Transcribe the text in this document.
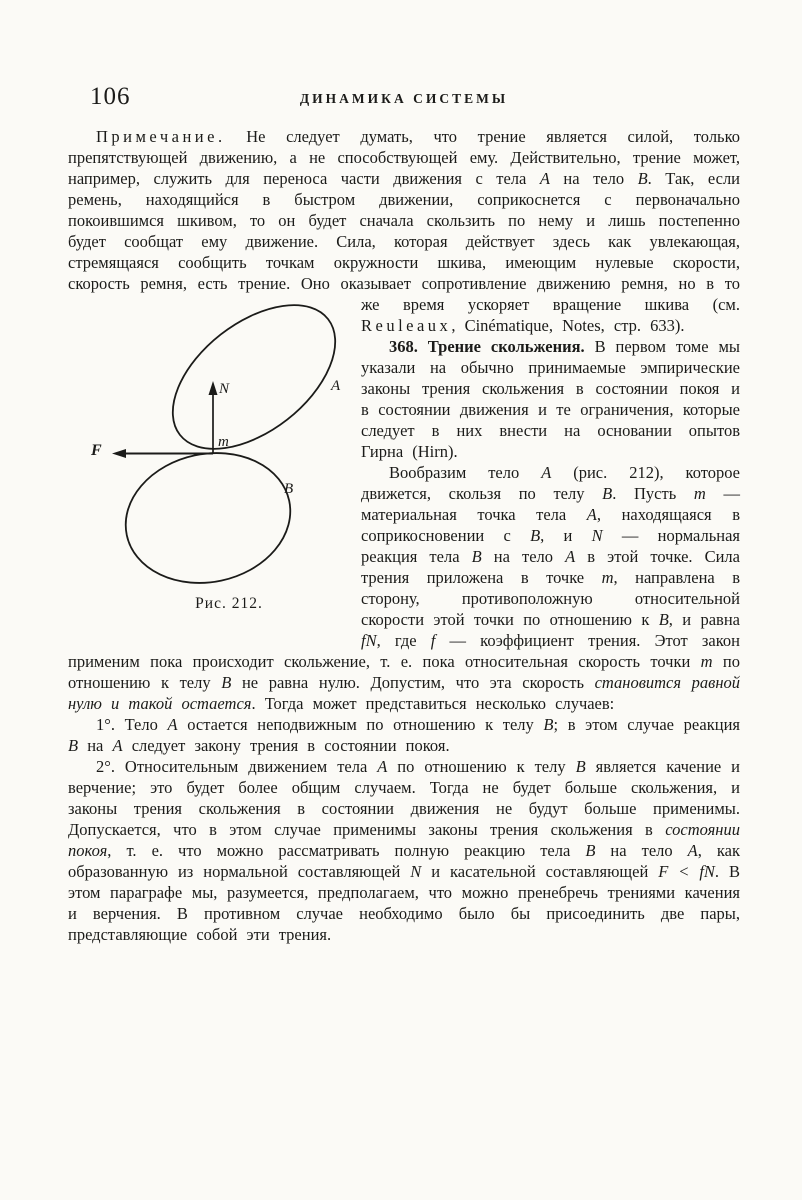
106	ДИНАМИКА СИСТЕМЫ

Примечание. Не следует думать, что трение является силой, только препятствующей движению, а не способствующей ему. Действительно, трение может, например, служить для переноса части движения с тела A на тело B. Так, если ремень, находящийся в быстром движении, соприкоснется с первоначально покоившимся шкивом, то он будет сначала скользить по нему и лишь постепенно будет сообщат ему движение. Сила, которая действует здесь как увлекающая, стремящаяся сообщить точкам окружности шкива, имеющим нулевые скорости, скорость ремня, есть трение. Оно оказывает сопротивление движению ремня, но в то же время ускоряет
N
F	m
A
B
Рис. 212.
вращение шкива (см. Reuleaux, Cinématique, Notes, стр. 633).

368. Трение скольжения. В первом томе мы указали на обычно принимаемые эмпирические законы трения скольжения в состоянии покоя и в состоянии движения и те ограничения, которые следует в них внести на основании опытов Гирна (Hirn).

Вообразим тело A (рис. 212), которое движется, скользя по телу B. Пусть m — материальная точка тела A, находящаяся в соприкосновении с B, и N — нормальная реакция тела B на тело A в этой точке. Сила трения приложена в точке m, направлена в сторону, противоположную относительной скорости этой точки по отношению к B, и равна fN, где f — коэффициент трения. Этот закон применим пока происходит скольжение, т. е. пока относительная скорость точки m по отношению к телу B не равна нулю. Допустим, что эта скорость становится равной нулю и такой остается. Тогда может представиться несколько случаев:

1°. Тело A остается неподвижным по отношению к телу B; в этом случае реакция B на A следует закону трения в состоянии покоя.

2°. Относительным движением тела A по отношению к телу B является качение и верчение; это будет более общим случаем. Тогда не будет больше скольжения, и законы трения скольжения в состоянии движения не будут больше применимы. Допускается, что в этом случае применимы законы трения скольжения в состоянии покоя, т. е. что можно рассматривать полную реакцию тела B на тело A, как образованную из нормальной составляющей N и касательной составляющей F < fN. В этом параграфе мы, разумеется, предполагаем, что можно пренебречь трениями качения и верчения. В противном случае необходимо было бы присоединить две пары, представляющие собой эти трения.
